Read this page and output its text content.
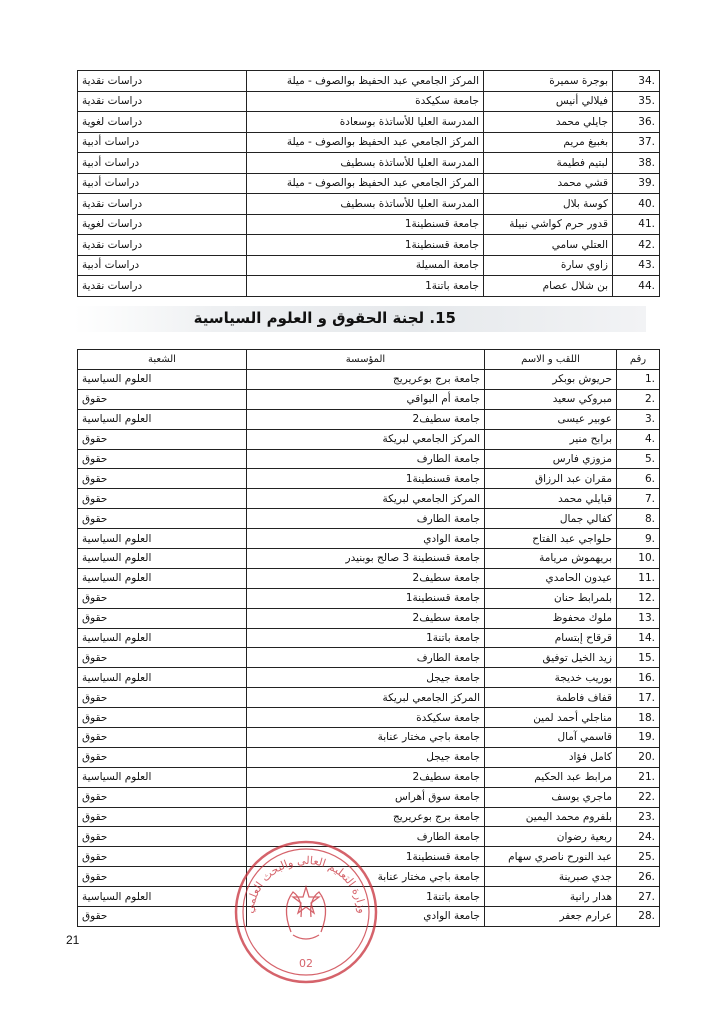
.34	بوجرة سميرة	المركز الجامعي عبد الحفيظ بوالصوف - ميلة	دراسات نقدية
.35	فيلالي أنيس	جامعة سكيكدة	دراسات نقدية
.36	جايلي محمد	المدرسة العليا للأساتذة بوسعادة	دراسات لغوية
.37	بغبيغ مريم	المركز الجامعي عبد الحفيظ بوالصوف - ميلة	دراسات أدبية
.38	لبتيم فطيمة	المدرسة العليا للأساتذة بسطيف	دراسات أدبية
.39	قشي محمد	المركز الجامعي عبد الحفيظ بوالصوف - ميلة	دراسات أدبية
.40	كوسة بلال	المدرسة العليا للأساتذة بسطيف	دراسات نقدية
.41	قدور حرم كواشي نبيلة	جامعة قسنطينة1	دراسات لغوية
.42	العتلي سامي	جامعة قسنطينة1	دراسات نقدية
.43	زاوي سارة	جامعة المسيلة	دراسات أدبية
.44	بن شلال عصام	جامعة باتنة1	دراسات نقدية
15. لجنة الحقوق و العلوم السياسية
رقم	اللقب و الاسم	المؤسسة	الشعبة
.1	حريوش بوبكر	جامعة برج بوعريريج	العلوم السياسية
.2	مبروكي سعيد	جامعة أم البواقي	حقوق
.3	عوبير عيسى	جامعة سطيف2	العلوم السياسية
.4	برابح منير	المركز الجامعي لبريكة	حقوق
.5	مزوزي فارس	جامعة الطارف	حقوق
.6	مقران عبد الرزاق	جامعة قسنطينة1	حقوق
.7	قبايلي محمد	المركز الجامعي لبريكة	حقوق
.8	كفالي جمال	جامعة الطارف	حقوق
.9	حلواجي عبد الفتاح	جامعة الوادي	العلوم السياسية
.10	بريهموش مريامة	جامعة قسنطينة 3 صالح بوبنيدر	العلوم السياسية
.11	عيدون الحامدي	جامعة سطيف2	العلوم السياسية
.12	بلمرابط حنان	جامعة قسنطينة1	حقوق
.13	ملوك محفوظ	جامعة سطيف2	حقوق
.14	قرقاح إبتسام	جامعة باتنة1	العلوم السياسية
.15	زيد الخيل توفيق	جامعة الطارف	حقوق
.16	بوريب خديجة	جامعة جيجل	العلوم السياسية
.17	قفاف فاطمة	المركز الجامعي لبريكة	حقوق
.18	مناجلي أحمد لمين	جامعة سكيكدة	حقوق
.19	قاسمي آمال	جامعة باجي مختار عنابة	حقوق
.20	كامل فؤاد	جامعة جيجل	حقوق
.21	مرابط عبد الحكيم	جامعة سطيف2	العلوم السياسية
.22	ماجري يوسف	جامعة سوق أهراس	حقوق
.23	بلفروم محمد اليمين	جامعة برج بوعريريج	حقوق
.24	ربعية رضوان	جامعة الطارف	حقوق
.25	عبد النورح ناصري سهام	جامعة قسنطينة1	حقوق
.26	جدي صبرينة	جامعة باجي مختار عنابة	حقوق
.27	هدار رانية	جامعة باتنة1	العلوم السياسية
.28	عرارم جعفر	جامعة الوادي	حقوق
وزارة التعليم العالي والبحث العلمي
02
21
